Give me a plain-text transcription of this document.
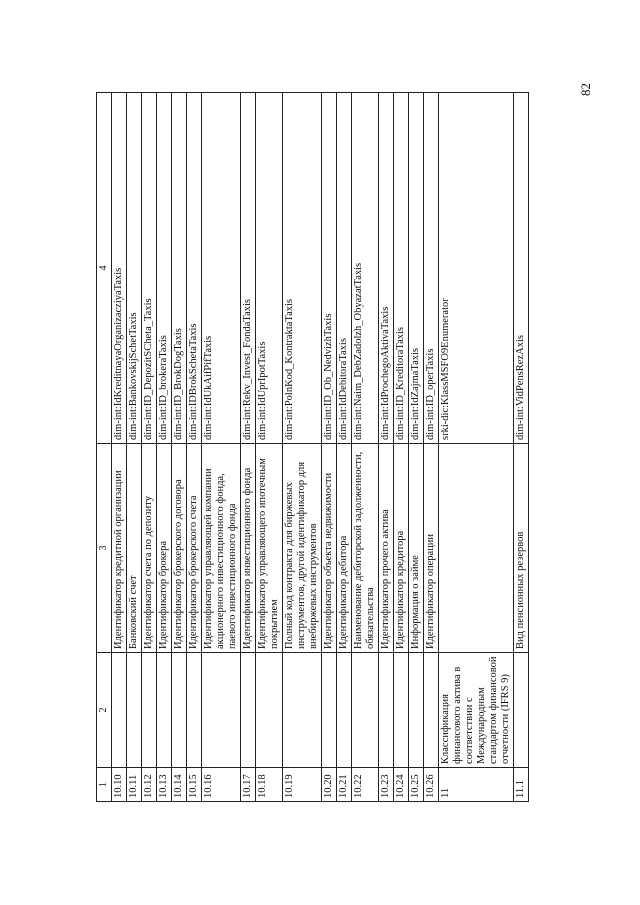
82
1	2	3	4
10.10		Идентификатор кредитной организации	dim-int:IdKreditnayaOrganizacziyaTaxis
10.11		Банковский счет	dim-int:BankovskijSchetTaxis
10.12		Идентификатор счета по депозиту	dim-int:ID_DepozitSCheta_Taxis
10.13		Идентификатор брокера	dim-int:ID_brokeraTaxis
10.14		Идентификатор брокерского договора	dim-int:ID_BrokDogTaxis
10.15		Идентификатор брокерского счета	dim-int:IDBrokSchetaTaxis
10.16		Идентификатор управляющей компании акционерного инвестиционного фонда, паевого инвестиционного фонда	dim-int:IdUkAifPifTaxis
10.17		Идентификатор инвестиционного фонда	dim-int:Rekv_Invest_FondaTaxis
10.18		Идентификатор управляющего ипотечным покрытием	dim-int:IdUprIpotTaxis
10.19		Полный код контракта для биржевых инструментов, другой идентификатор для внебиржевых инструментов	dim-int:PolnKod_KontraktaTaxis
10.20		Идентификатор объекта недвижимости	dim-int:ID_Ob_NedvizhTaxis
10.21		Идентификатор дебитора	dim-int:IdDebitoraTaxis
10.22		Наименование дебиторской задолженности, обязательства	dim-int:Naim_DebZadolzh_ObyazatTaxis
10.23		Идентификатор прочего актива	dim-int:IdProchegoAktivaTaxis
10.24		Идентификатор кредитора	dim-int:ID_KreditoraTaxis
10.25		Информация о займе	dim-int:IdZajmaTaxis
10.26		Идентификатор операции	dim-int:ID_operTaxis
11	Классификация финансового актива в соответствии с Международным стандартом финансовой отчетности (IFRS 9)		srki-dic:KlassMSFO9Enumerator
11.1		Вид пенсионных резервов	dim-int:VidPensRezAxis
